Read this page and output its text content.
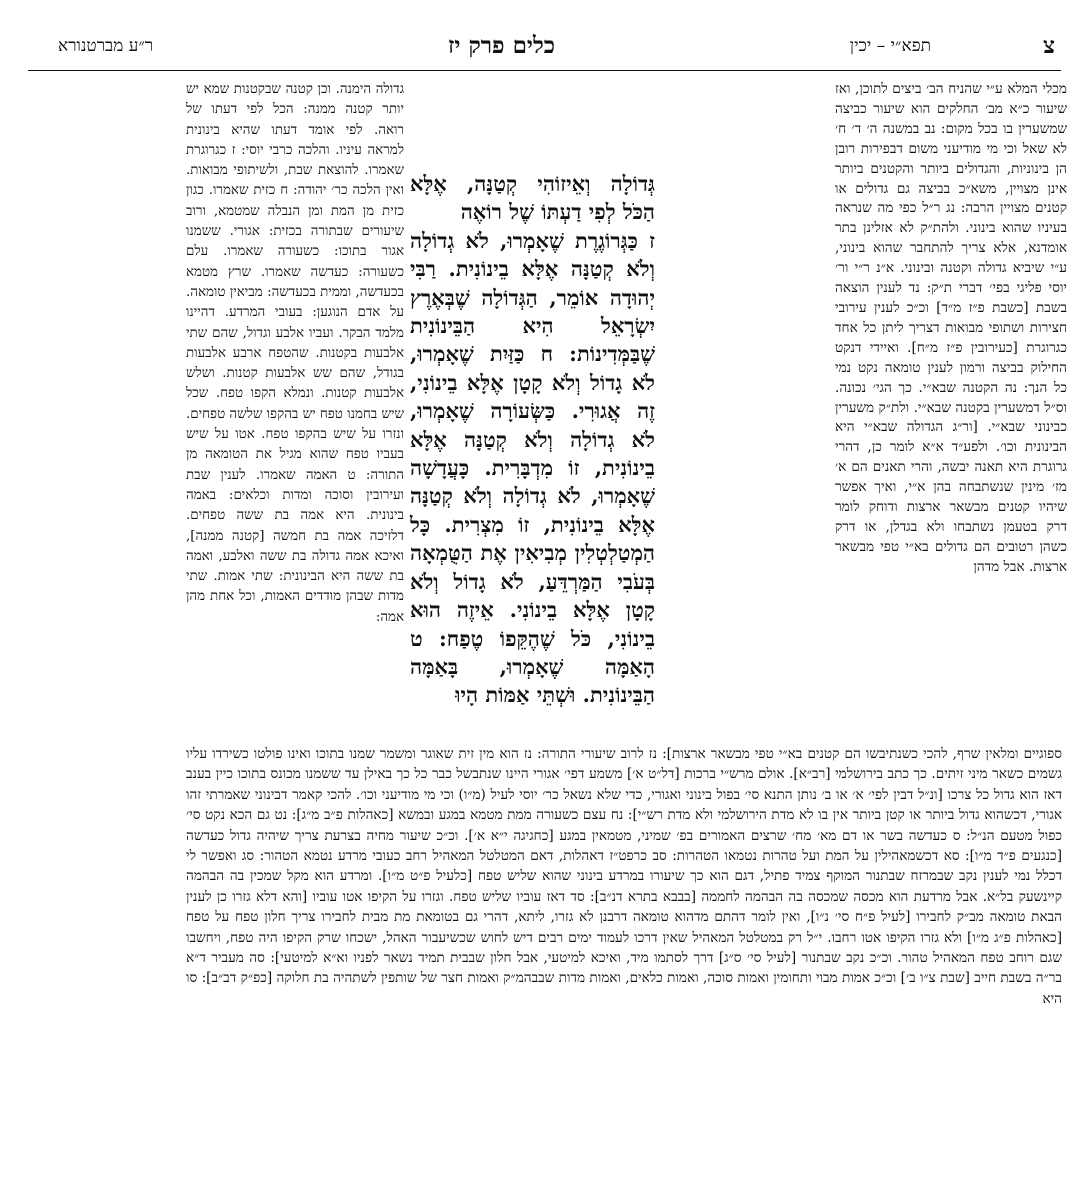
צ
תפא״י – יכין
כלים פרק יז
ר״ע מברטנורא

מכלי המלא ע״י שהניח הב׳ ביצים לתוכן, ואז שיעור כ״א מב׳ החלקים הוא שיעור כביצה שמשערין בו בכל מקום: נב במשנה ה׳ ד׳ ח׳ לא שאל וכי מי מודיעני משום דבפירות רובן הן בינוניות, והגדולים ביותר והקטנים ביותר אינן מצויין, משא״כ בביצה גם גדולים או קטנים מצויין הרבה: נג ר״ל כפי מה שנראה בעיניו שהוא בינוני. ולהת״ק לא אזלינן בתר אומדנא, אלא צריך להתחבר שהוא בינוני, ע״י שיביא גדולה וקטנה ובינוני. א״נ ר״י ור׳ יוסי פליגי בפי׳ דברי ת״ק: נד לענין הוצאה בשבת [כשבת פ״ז מ״ד] וכ״כ לענין עירובי חצירות ושתופי מבואות דצריך ליתן כל אחד כגרוגרת [כעירובין פ״ז מ״ח]. ואיידי דנקט החילוק בביצה ורמון לענין טומאה נקט נמי כל הנך: נה הקטנה שבא״י. כך הגי׳ נכונה. וס״ל דמשערין בקטנה שבא״י. ולת״ק משערין כבינוני שבא״י. [ור״ג הגדולה שבא״י היא הבינונית וכו׳. ולפע״ד א״א לומר כן, דהרי גרוגרת היא תאנה יבשה, והרי תאנים הם א׳ מז׳ מינין שנשתבחה בהן א״י, ואיך אפשר שיהיו קטנים מבשאר ארצות ודוחק לומר דרק בטעמן נשתבחו ולא בגדלן, או דרק כשהן רטובים הם גדולים בא״י טפי מבשאר ארצות. אבל מדהן

גדולה הימנה. וכן קטנה שבקטנות שמא יש יותר קטנה ממנה: הכל לפי דעתו של רואה. לפי אומד דעתו שהיא בינונית למראה עיניו. והלכה כרבי יוסי: ז כגרוגרת שאמרו. להוצאת שבת, ולשיתופי מבואות. ואין הלכה כר׳ יהודה: ח כזית שאמרו. כגון כזית מן המת ומן הנבלה שמטמא, ורוב שיעורים שבתורה בכזית: אגורי. ששמנו אגור בתוכו: כשעורה שאמרו. עלם כשעורה: כעדשה שאמרו. שרץ מטמא בכעדשה, וממית בכעדשה: מביאין טומאה. על אדם הנוגען: בעובי המרדע. דהיינו מלמד הבקר. ועביו אלבע וגדול, שהם שתי אלבעות בקטנות. שהטפח ארבע אלבעות בגודל, שהם שש אלבעות קטנות. ושלש אלבעות קטנות. ונמלא הקפו טפח. שכל שיש בחמנו טפח יש בהקפו שלשה טפחים. ונזרו על שיש בהקפו טפח. אטו על שיש בעביו טפח שהוא מגיל את הטומאה מן התורה: ט האמה שאמרו. לענין שבת ועירובין וסוכה ומדות וכלאים: באמה בינונית. היא אמה בת ששה טפחים. דלזיכה אמה בת חמשה [קטנה ממנה], ואיכא אמה גדולה בת ששה ואלבע, ואמה בת ששה היא הבינונית: שתי אמות. שתי מדות שבהן מודדים האמות, וכל אחת מהן אמה:

גְּדוֹלָה וְאֵיזוֹהִי קְטַנָּה, אֶלָּא הַכֹּל לְפִי דַעְתּוֹ שֶׁל רוֹאֶה

ז כַּגְּרוֹגֶרֶת שֶׁאָמְרוּ, לֹא גְדוֹלָה וְלֹא קְטַנָּה אֶלָּא בֵינוֹנִית. רַבִּי יְהוּדָה אוֹמֵר, הַגְּדוֹלָה שֶׁבְּאֶרֶץ יִשְׂרָאֵל הִיא הַבֵּינוֹנִית שֶׁבַּמְּדִינוֹת: ח כַּזַּיִת שֶׁאָמְרוּ, לֹא גָדוֹל וְלֹא קָטָן אֶלָּא בֵינוֹנִי, זֶה אֲגוּרִי. כַּשְּׂעוֹרָה שֶׁאָמְרוּ, לֹא גְדוֹלָה וְלֹא קְטַנָּה אֶלָּא בֵינוֹנִית, זוֹ מִדְבָּרִית. כָּעֲדָשָׁה שֶׁאָמְרוּ, לֹא גְדוֹלָה וְלֹא קְטַנָּה אֶלָּא בֵינוֹנִית, זוֹ מִצְרִית. כָּל הַמְטַלְטְלִין מְבִיאִין אֶת הַטֻּמְאָה בְּעֹבִי הַמַּרְדֵּעַ, לֹא גָדוֹל וְלֹא קָטָן אֶלָּא בֵינוֹנִי. אֵיזֶה הוּא בֵינוֹנִי, כֹּל שֶׁהֶקֵּפוֹ טֶפַח: ט הָאַמָּה שֶׁאָמְרוּ, בָּאַמָּה הַבֵּינוֹנִית. וּשְׁתֵּי אַמּוֹת הָיוּ

ספוגיים ומלאין שרף, להכי כשנתיבשו הם קטנים בא״י טפי מבשאר ארצות]: נז לרוב שיעורי התורה: נז הוא מין זית שאוגר ומשמר שמנו בתוכו ואינו פולטו כשירדו עליו גשמים כשאר מיני זיתים. כך כתב בירושלמי [רב״א]. אולם מרש״י ברכות [דל״ט א׳] משמע דפי׳ אגורי היינו שנתבשל כבר כל כך באילן עד ששמנו מכונס בתוכו כיין בענב דאז הוא גדול כל צרכו [ונ״ל דבין לפי׳ א׳ או ב׳ נותן התנא סי׳ בפול בינוני ואגורי, כדי שלא נשאל כר׳ יוסי לעיל (מ״ו) וכי מי מודיעני וכו׳. להכי קאמר דבינוני שאמרתי זהו אגורי, דכשהוא גדול ביותר או קטן ביותר אין בו לא מדת הירושלמי ולא מדת רש״י]: נח עצם כשעורה ממת מטמא במגע ובמשא [כאהלות פ״ב מ״ג]: נט גם הכא נקט סי׳ כפול מטעם הנ״ל: ס כעדשה בשר או דם מא׳ מח׳ שרצים האמורים בפ׳ שמיני, מטמאין במגע [כחגיגה י״א א׳]. וכ״כ שיעור מחיה בצרעת צריך שיהיה גדול כעדשה [כנגעים פ״ד מ״ו]: סא דכשמאהילין על המת ועל טהרות נטמאו הטהרות: סב כרפט״ז דאהלות, דאם המטלטל המאהיל רחב כעובי מרדע נטמא הטהור: סג ואפשר לי דכלל נמי לענין נקב שבמרזח שבתנור המוקף צמיד פתיל, דגם הוא כך שיעורו במרדע בינוני שהוא שליש טפח [כלעיל פ״ט מ״ו]. ומרדע הוא מקל שמכין בה הבהמה קיינשעק בל״א. אבל מרדעת הוא מכסה שמכסה בה הבהמה לחממה [בבבא בתרא דנ״ב]: סד דאז עוביו שליש טפח. וגזרו על הקיפו אטו עוביו [והא דלא גזרו כן לענין הבאת טומאה מב״ק לחבירו [לעיל פ״ח סי׳ נ״ו], ואין לומר דהתם מדהוא טומאה דרבנן לא גזרו, ליתא, דהרי גם בטומאת מת מבית לחבירו צריך חלון טפח על טפח [כאהלות פ״ג מ״ו] ולא גזרו הקיפו אטו רחבו. י״ל רק במטלטל המאהיל שאין דרכו לעמוד ימים רבים דיש לחוש שכשיעבור האהל, ישכחו שרק הקיפו היה טפח, ויחשבו שגם רוחב טפח המאהיל טהור. וכ״כ נקב שבתנור [לעיל סי׳ ס״ג] דרך לסתמו מיד, ואיכא למיטעי, אבל חלון שבבית תמיד נשאר לפניו וא״א למיטעי]: סה מעביר ד״א בר״ה בשבת חייב [שבת צ״ו ב׳] וכ״כ אמות מבוי ותחומין ואמות סוכה, ואמות כלאים, ואמות מדות שבבהמ״ק ואמות חצר של שותפין לשתהיה בת חלוקה [כפ״ק דב״ב]: סו היא
